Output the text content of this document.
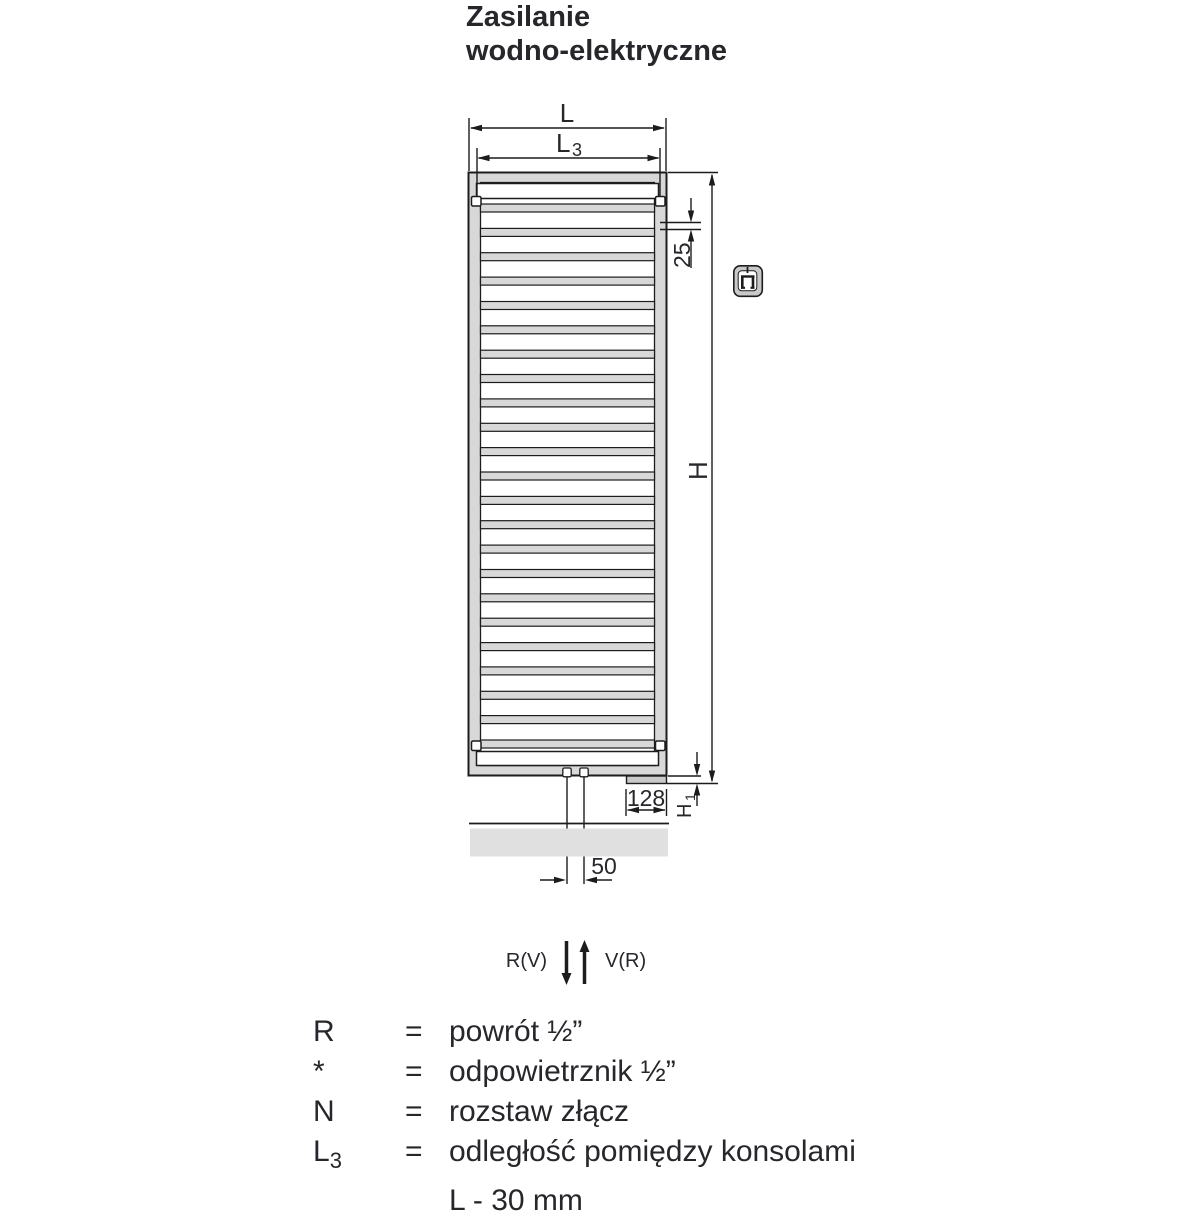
Zasilanie
wodno-elektryczne
L
L 3
25
H
H
1
128
50
R(V)	V(R)
R	= powrót ½”
*	= odpowietrznik ½”
N	= rozstaw złącz
$L_3$	= odległość pomiędzy konsolami
L - 30 mm
